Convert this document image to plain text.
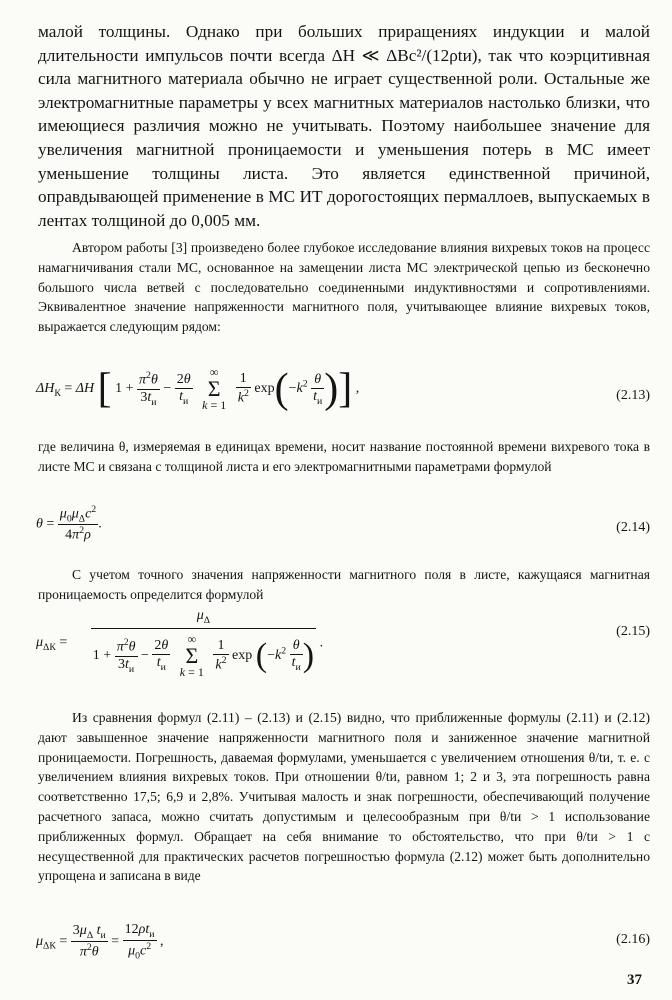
малой толщины. Однако при больших приращениях индукции и малой длительности импульсов почти всегда ΔH ≪ ΔBc²/(12ρtи), так что коэрцитивная сила магнитного материала обычно не играет существенной роли. Остальные же электромагнитные параметры у всех магнитных материалов настолько близки, что имеющиеся различия можно не учитывать. Поэтому наибольшее значение для увеличения магнитной проницаемости и уменьшения потерь в МС имеет уменьшение толщины листа. Это является единственной причиной, оправдывающей применение в МС ИТ дорогостоящих пермаллоев, выпускаемых в лентах толщиной до 0,005 мм.

Автором работы [3] произведено более глубокое исследование влияния вихревых токов на процесс намагничивания стали МС, основанное на замещении листа МС электрической цепью из бесконечно большого числа ветвей с последовательно соединенными индуктивностями и сопротивлениями. Эквивалентное значение напряженности магнитного поля, учитывающее влияние вихревых токов, выражается следующим рядом:

$\Delta H_К = \Delta H$ [ $1 + \frac{\pi^2\theta}{3t_и} - \frac{2\theta}{t_и}$ ∞
Σ
$k = 1 \frac{1}{k^2} \exp(-k^2 \frac{\theta}{t_и}$ )] ,	(2.13)

где величина θ, измеряемая в единицах времени, носит название постоянной времени вихревого тока в листе МС и связана с толщиной листа и его электромагнитными параметрами формулой

$\theta = \frac{\mu_0\mu_\Delta c^2}{4\pi^2\rho}$ .	(2.14)

С учетом точного значения напряженности магнитного поля в листе, кажущаяся магнитная проницаемость определится формулой

$\mu_{\Delta К}$ =
$\mu_\Delta$
$1 + \frac{\pi^2\theta}{3t_и} - \frac{2\theta}{t_и}$ ∞
Σ
$k = 1 \frac{1}{k^2}$ $\exp (-k^2 \frac{\theta}{t_и}$ ) .
(2.15)

Из сравнения формул (2.11) – (2.13) и (2.15) видно, что приближенные формулы (2.11) и (2.12) дают завышенное значение напряженности магнитного поля и заниженное значение магнитной проницаемости. Погрешность, даваемая формулами, уменьшается с увеличением отношения θ/tи, т. е. с увеличением влияния вихревых токов. При отношении θ/tи, равном 1; 2 и 3, эта погрешность равна соответственно 17,5; 6,9 и 2,8%. Учитывая малость и знак погрешности, обеспечивающий получение расчетного запаса, можно считать допустимым и целесообразным при θ/tи > 1 использование приближенных формул. Обращает на себя внимание то обстоятельство, что при θ/tи > 1 с несущественной для практических расчетов погрешностью формула (2.12) может быть дополнительно упрощена и записана в виде

$\mu_{\Delta К} = \frac{3\mu_\Delta t_и}{\pi^2\theta} = \frac{12\rho t_и}{\mu_0c^2}$ ,	(2.16)
37
